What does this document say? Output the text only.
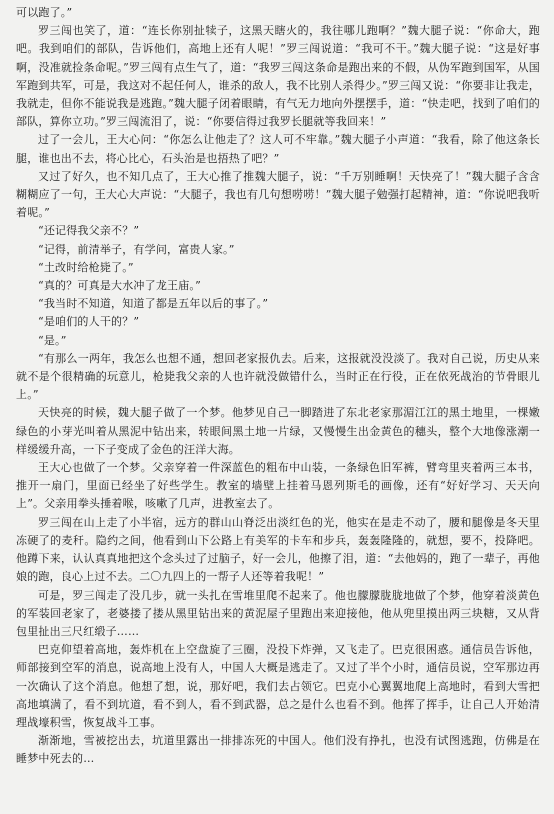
可以跑了。”

罗三闯也笑了，道：“连长你别扯犊子，这黑天瞎火的，我往哪儿跑啊？”魏大腿子说：“你命大，跑吧。我到咱们的部队，告诉他们，高地上还有人呢！”罗三闯说道：“我可不干。”魏大腿子说：“这是好事啊，没准就捡条命呢。”罗三闯有点生气了，道：“我罗三闯这条命是跑出来的不假，从伪军跑到国军，从国军跑到共军，可是，我这对不起任何人，谁杀的敌人，我不比别人杀得少。”罗三闯又说：“你要非让我走，我就走，但你不能说我是逃跑。”魏大腿子闭着眼睛，有气无力地向外摆摆手，道：“快走吧，找到了咱们的部队，算你立功。”罗三闯流泪了，说：“你要信得过我罗长腿就等我回来！”

过了一会儿，王大心问：“你怎么让他走了？这人可不牢靠。”魏大腿子小声道：“我看，除了他这条长腿，谁也出不去，将心比心，石头治是也捂热了吧？”

又过了好久，也不知几点了，王大心推了推魏大腿子，说：“千万别睡啊！天快亮了！”魏大腿子含含糊糊应了一句，王大心大声说：“大腿子，我也有几句想唠唠！”魏大腿子勉强打起精神，道：“你说吧我听着呢。”

“还记得我父亲不？”

“记得，前清举子，有学问，富贵人家。”

“土改时给枪毙了。”

“真的？可真是大水冲了龙王庙。”

“我当时不知道，知道了都是五年以后的事了。”

“是咱们的人干的？”

“是。”

“有那么一两年，我怎么也想不通，想回老家报仇去。后来，这报就没没淡了。我对自己说，历史从来就不是个很精确的玩意儿，枪毙我父亲的人也许就没做错什么，当时正在行役，正在依死战治的节骨眼儿上。”

天快亮的时候，魏大腿子做了一个梦。他梦见自己一脚踏进了东北老家那湄江江的黑土地里，一棵嫩绿色的小芽光叫着从黑泥中钻出来，转眼间黑土地一片绿，又慢慢生出金黄色的穗头，整个大地像涨潮一样缓缓升高，一下子变成了金色的汪洋大海。

王大心也做了一个梦。父亲穿着一件深蓝色的粗布中山装，一条绿色旧军裤，臂弯里夹着两三本书，推开一扇门，里面已经坐了好些学生。教室的墙壁上挂着马恩列斯毛的画像，还有“好好学习、天天向上”。父亲用拳头捶着喉，咳嗽了几声，进教室去了。

罗三闯在山上走了小半宿，远方的群山山脊泛出淡红色的光，他实在是走不动了，腰和腿像是冬天里冻硬了的麦秆。隐约之间，他看到山下公路上有美军的卡车和步兵，轰轰隆隆的，就想，要不，投降吧。他蹲下来，认认真真地把这个念头过了过脑子，好一会儿，他擦了泪，道：“去他妈的，跑了一辈子，再他娘的跑，良心上过不去。二〇九四上的一帮子人还等着我呢！”

可是，罗三闯走了没几步，就一头扎在雪堆里爬不起来了。他也朦朦胧胧地做了个梦，他穿着淡黄色的军装回老家了，老婆搂了搂从黑里钻出来的黄泥屋子里跑出来迎接他，他从兜里摸出两三块糖，又从背包里扯出三尺红缎子……

巴克仰望着高地，轰炸机在上空盘旋了三圈，没投下炸弹，又飞走了。巴克很困惑。通信员告诉他，师部接到空军的消息，说高地上没有人，中国人大概是逃走了。又过了半个小时，通信员说，空军那边再一次确认了这个消息。他想了想，说，那好吧，我们去占领它。巴克小心翼翼地爬上高地时，看到大雪把高地填满了，看不到坑道，看不到人，看不到武器，总之是什么也看不到。他挥了挥手，让自己人开始清理战壕积雪，恢复战斗工事。

渐渐地，雪被挖出去，坑道里露出一排排冻死的中国人。他们没有挣扎，也没有试图逃跑，仿佛是在睡梦中死去的…
